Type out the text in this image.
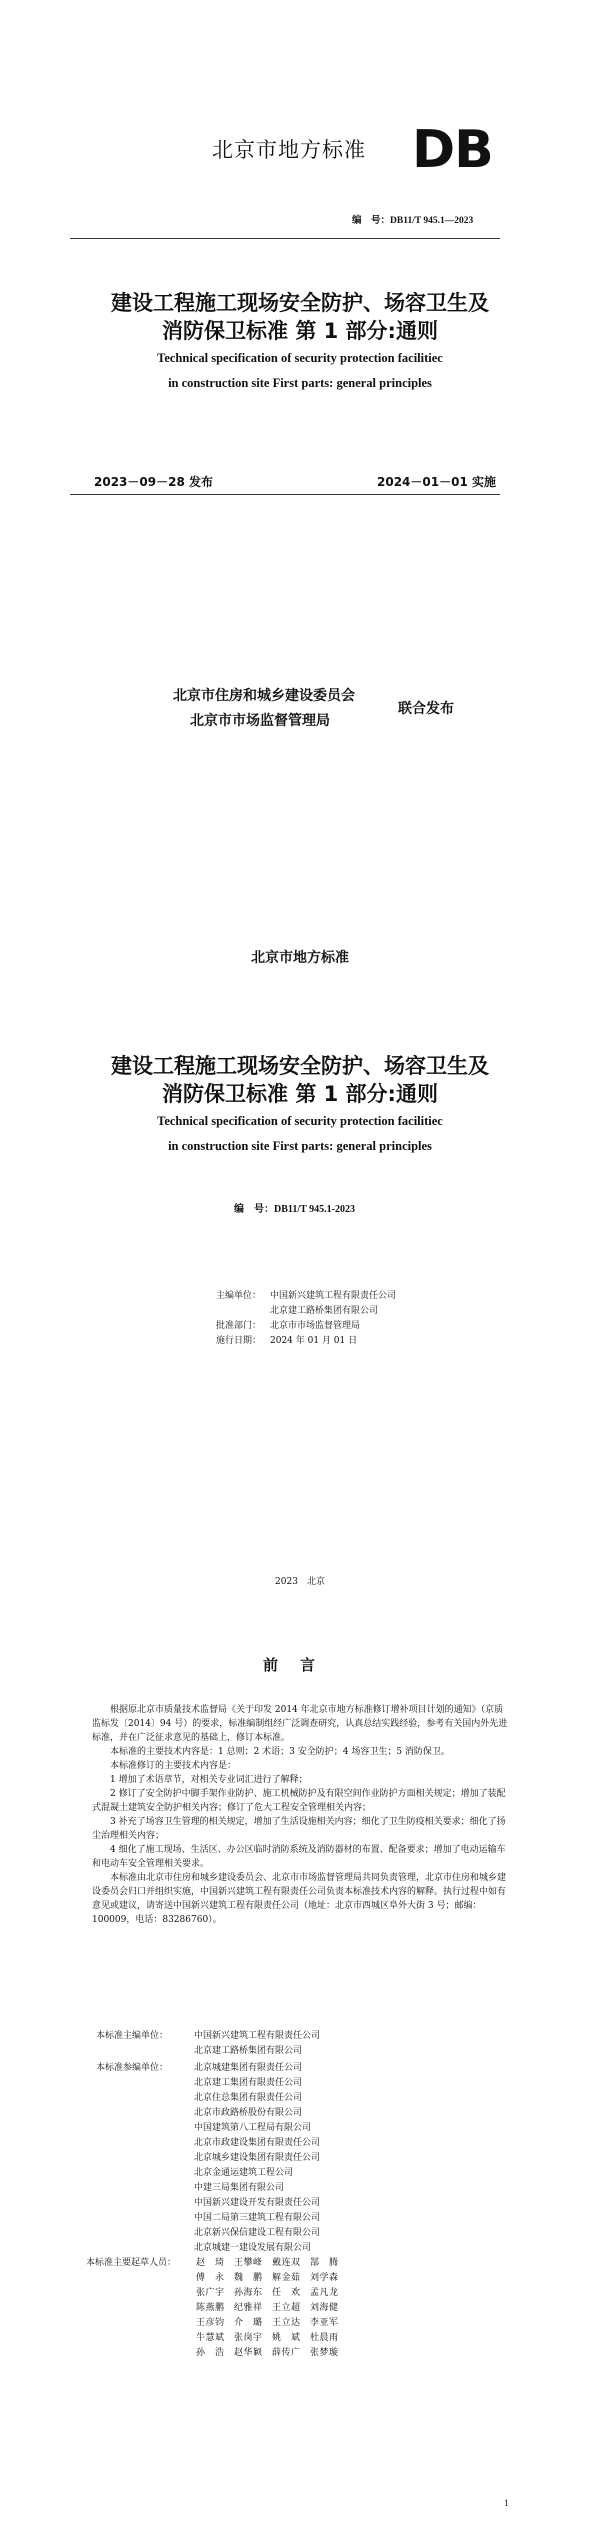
北京市地方标准 DB
编　号：DB11/T 945.1—2023
建设工程施工现场安全防护、场容卫生及
消防保卫标准 第 1 部分:通则
Technical specification of security protection facilitiec
in construction site First parts: general principles
2023－09－28 发布	2024－01－01 实施
北京市住房和城乡建设委员会
北京市市场监督管理局
联合发布
北京市地方标准
建设工程施工现场安全防护、场容卫生及
消防保卫标准 第 1 部分:通则
Technical specification of security protection facilitiec
in construction site First parts: general principles
编　号：DB11/T 945.1-2023
主编单位： 中国新兴建筑工程有限责任公司
北京建工路桥集团有限公司
批准部门： 北京市市场监督管理局
施行日期： 2024 年 01 月 01 日
2023　北京
前言

根据原北京市质量技术监督局《关于印发 2014 年北京市地方标准修订增补项目计划的通知》（京质监标发〔2014〕94 号）的要求，标准编制组经广泛调查研究，认真总结实践经验，参考有关国内外先进标准，并在广泛征求意见的基础上，修订本标准。

本标准的主要技术内容是：1 总则；2 术语；3 安全防护；4 场容卫生；5 消防保卫。

本标准修订的主要技术内容是：

1 增加了术语章节，对相关专业词汇进行了解释；

2 修订了安全防护中脚手架作业防护、施工机械防护及有限空间作业防护方面相关规定；增加了装配式混凝土建筑安全防护相关内容；修订了危大工程安全管理相关内容；

3 补充了场容卫生管理的相关规定，增加了生活设施相关内容；细化了卫生防疫相关要求；细化了扬尘治理相关内容；

4 细化了施工现场、生活区、办公区临时消防系统及消防器材的布置、配备要求；增加了电动运输车和电动车安全管理相关要求。

本标准由北京市住房和城乡建设委员会、北京市市场监督管理局共同负责管理，北京市住房和城乡建设委员会归口并组织实施，中国新兴建筑工程有限责任公司负责本标准技术内容的解释。执行过程中如有意见或建议，请寄送中国新兴建筑工程有限责任公司（地址：北京市西城区阜外大街 3 号；邮编：100009，电话：83286760）。

本标准主编单位：	中国新兴建筑工程有限责任公司
北京建工路桥集团有限公司
本标准参编单位：	北京城建集团有限责任公司
北京建工集团有限责任公司
北京住总集团有限责任公司
北京市政路桥股份有限公司
中国建筑第八工程局有限公司
北京市政建设集团有限责任公司
北京城乡建设集团有限责任公司
北京金通运建筑工程公司
中建三局集团有限公司
中国新兴建设开发有限责任公司
中国二局第三建筑工程有限公司
北京新兴保信建设工程有限公司
北京城建一建设发展有限公司
本标准主要起草人员：	赵　琦　王攀峰　戴连双　郜　腾
傅　永　魏　鹏　解金茹　刘学森
张广宇　孙海东　任　欢　孟凡龙
陈燕鹏　纪雅祥　王立超　刘海健
王彦钧　介　璐　王立达　李亚军
牛慧斌　张岗宇　姚　斌　杜晨雨
孙　浩　赵华颖　薛传广　张梦璇
1
